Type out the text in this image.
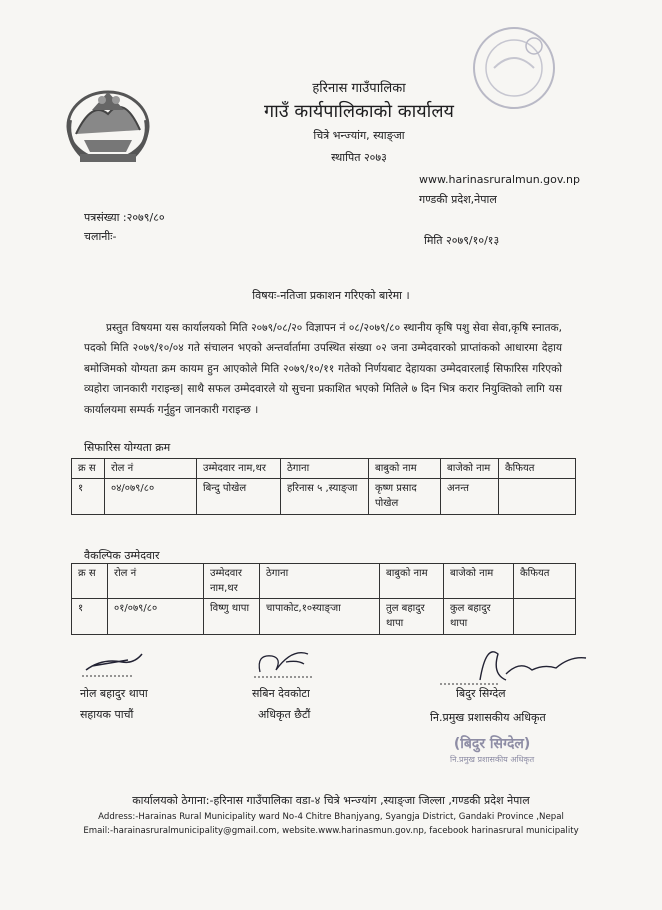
हरिनास गाउँपालिका
गाउँ कार्यपालिकाको कार्यालय
चित्रे भन्ज्यांग, स्याङ्जा
स्थापित २०७३
www.harinasruralmun.gov.np
गण्डकी प्रदेश,नेपाल
पत्रसंख्या :२०७९/८०
चलानीः-	मिति २०७९/१०/१३
विषयः-नतिजा प्रकाशन गरिएको बारेमा ।
प्रस्तुत विषयमा यस कार्यालयको मिति २०७९/०८/२० विज्ञापन नं ०८/२०७९/८० स्थानीय कृषि पशु सेवा सेवा,कृषि स्नातक, पदको मिति २०७९/१०/०४ गते संचालन भएको अन्तर्वार्तामा उपस्थित संख्या ०२ जना उम्मेदवारको प्राप्तांकको आधारमा देहाय बमोजिमको योग्यता क्रम कायम हुन आएकोले मिति २०७९/१०/११ गतेको निर्णयबाट देहायका उम्मेदवारलाई सिफारिस गरिएको व्यहोरा जानकारी गराइन्छ| साथै सफल उम्मेदवारले यो सुचना प्रकाशित भएको मितिले ७ दिन भित्र करार नियुक्तिको लागि यस कार्यालयमा सम्पर्क गर्नुहुन जानकारी गराइन्छ ।
सिफारिस योग्यता क्रम
क्र स	रोल नं	उम्मेदवार नाम,थर	ठेगाना	बाबुको नाम	बाजेको नाम	कैफियत
१	०४/०७९/८०	बिन्दु पोखेल	हरिनास ५ ,स्याङ्जा	कृष्ण प्रसाद पोखेल	अनन्त	
वैकल्पिक उम्मेदवार
क्र स	रोल नं	उम्मेदवार नाम,थर	ठेगाना	बाबुको नाम	बाजेको नाम	कैफियत
१	०१/०७९/८०	विष्णु थापा	चापाकोट,१०स्याङ्जा	तुल बहादुर थापा	कुल बहादुर थापा	
नोल बहादुर थापा
सहायक पाचौं
सबिन देवकोटा
अधिकृत छैटौं
बिदुर सिग्देल
नि.प्रमुख प्रशासकीय अधिकृत
(बिदुर सिग्देल)
नि.प्रमुख प्रशासकीय अधिकृत
कार्यालयको ठेगाना:-हरिनास गाउँपालिका वडा-४ चित्रे भन्ज्यांग ,स्याङ्जा जिल्ला ,गण्डकी प्रदेश नेपाल
Address:-Harainas Rural Municipality ward No-4 Chitre Bhanjyang, Syangja District, Gandaki Province ,Nepal
Email:-harainasruralmunicipality@gmail.com, website.www.harinasmun.gov.np, facebook harinasrural municipality
